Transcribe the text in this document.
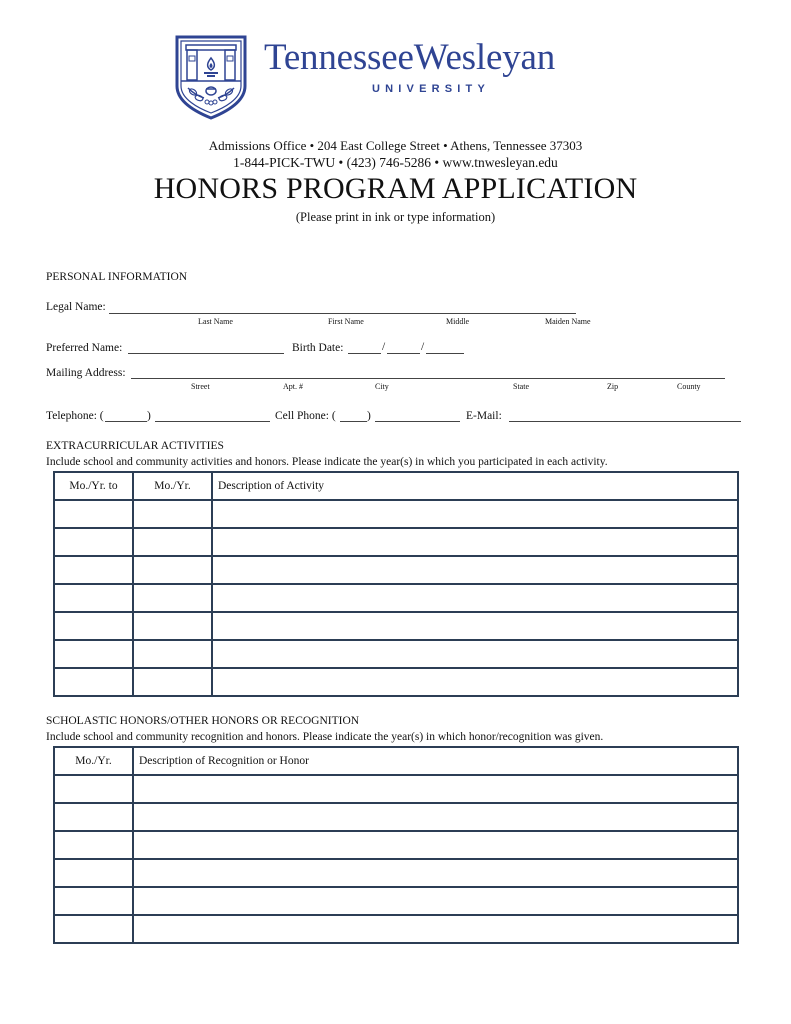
TennesseeWesleyan
UNIVERSITY
Admissions Office • 204 East College Street • Athens, Tennessee 37303
1-844-PICK-TWU • (423) 746-5286 • www.tnwesleyan.edu
HONORS PROGRAM APPLICATION
(Please print in ink or type information)
PERSONAL INFORMATION
Legal Name:
Last Name	First Name	Middle	Maiden Name
Preferred Name:	Birth Date:	/	/
Mailing Address:
Street	Apt. #	City	State	Zip	County
Telephone: (	)	Cell Phone: (	)	E-Mail:
EXTRACURRICULAR ACTIVITIES
Include school and community activities and honors. Please indicate the year(s) in which you participated in each activity.
Mo./Yr. to	Mo./Yr.	Description of Activity

SCHOLASTIC HONORS/OTHER HONORS OR RECOGNITION
Include school and community recognition and honors. Please indicate the year(s) in which honor/recognition was given.
Mo./Yr.	Description of Recognition or Honor
